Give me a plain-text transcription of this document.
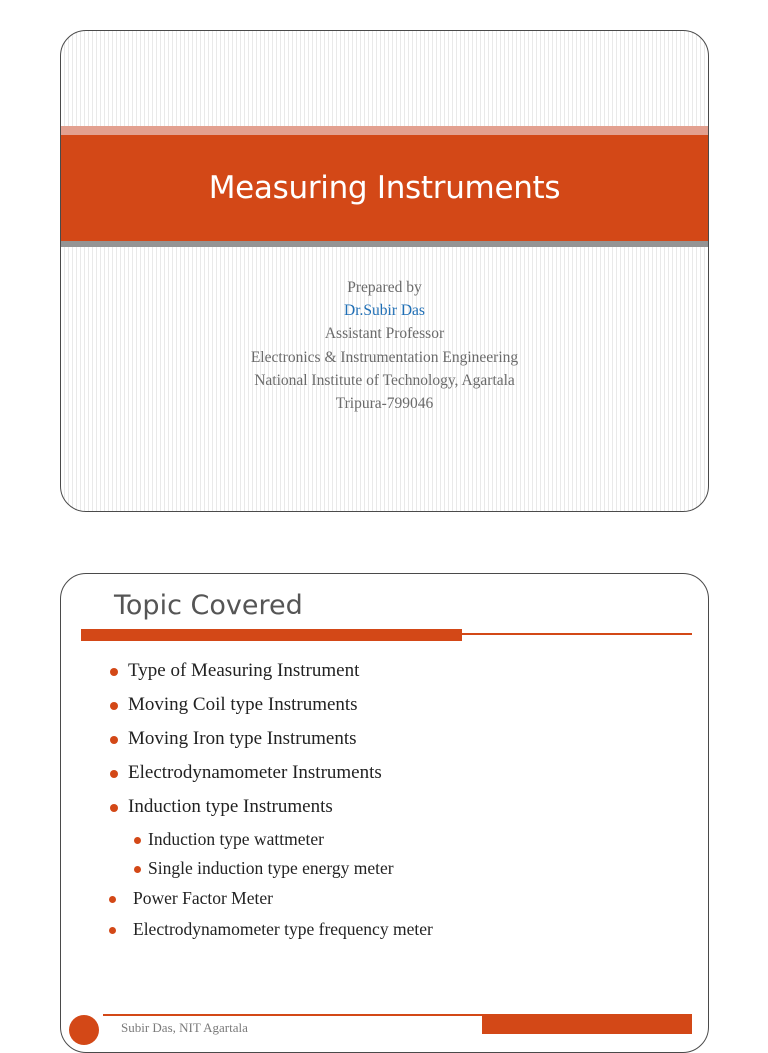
Measuring Instruments
Prepared by
Dr.Subir Das
Assistant Professor
Electronics & Instrumentation Engineering
National Institute of Technology, Agartala
Tripura-799046
Topic Covered
Type of Measuring Instrument
Moving Coil type Instruments
Moving Iron type Instruments
Electrodynamometer Instruments
Induction type Instruments
Induction type wattmeter
Single induction type energy meter
Power Factor Meter
Electrodynamometer type frequency meter
Subir Das, NIT Agartala
